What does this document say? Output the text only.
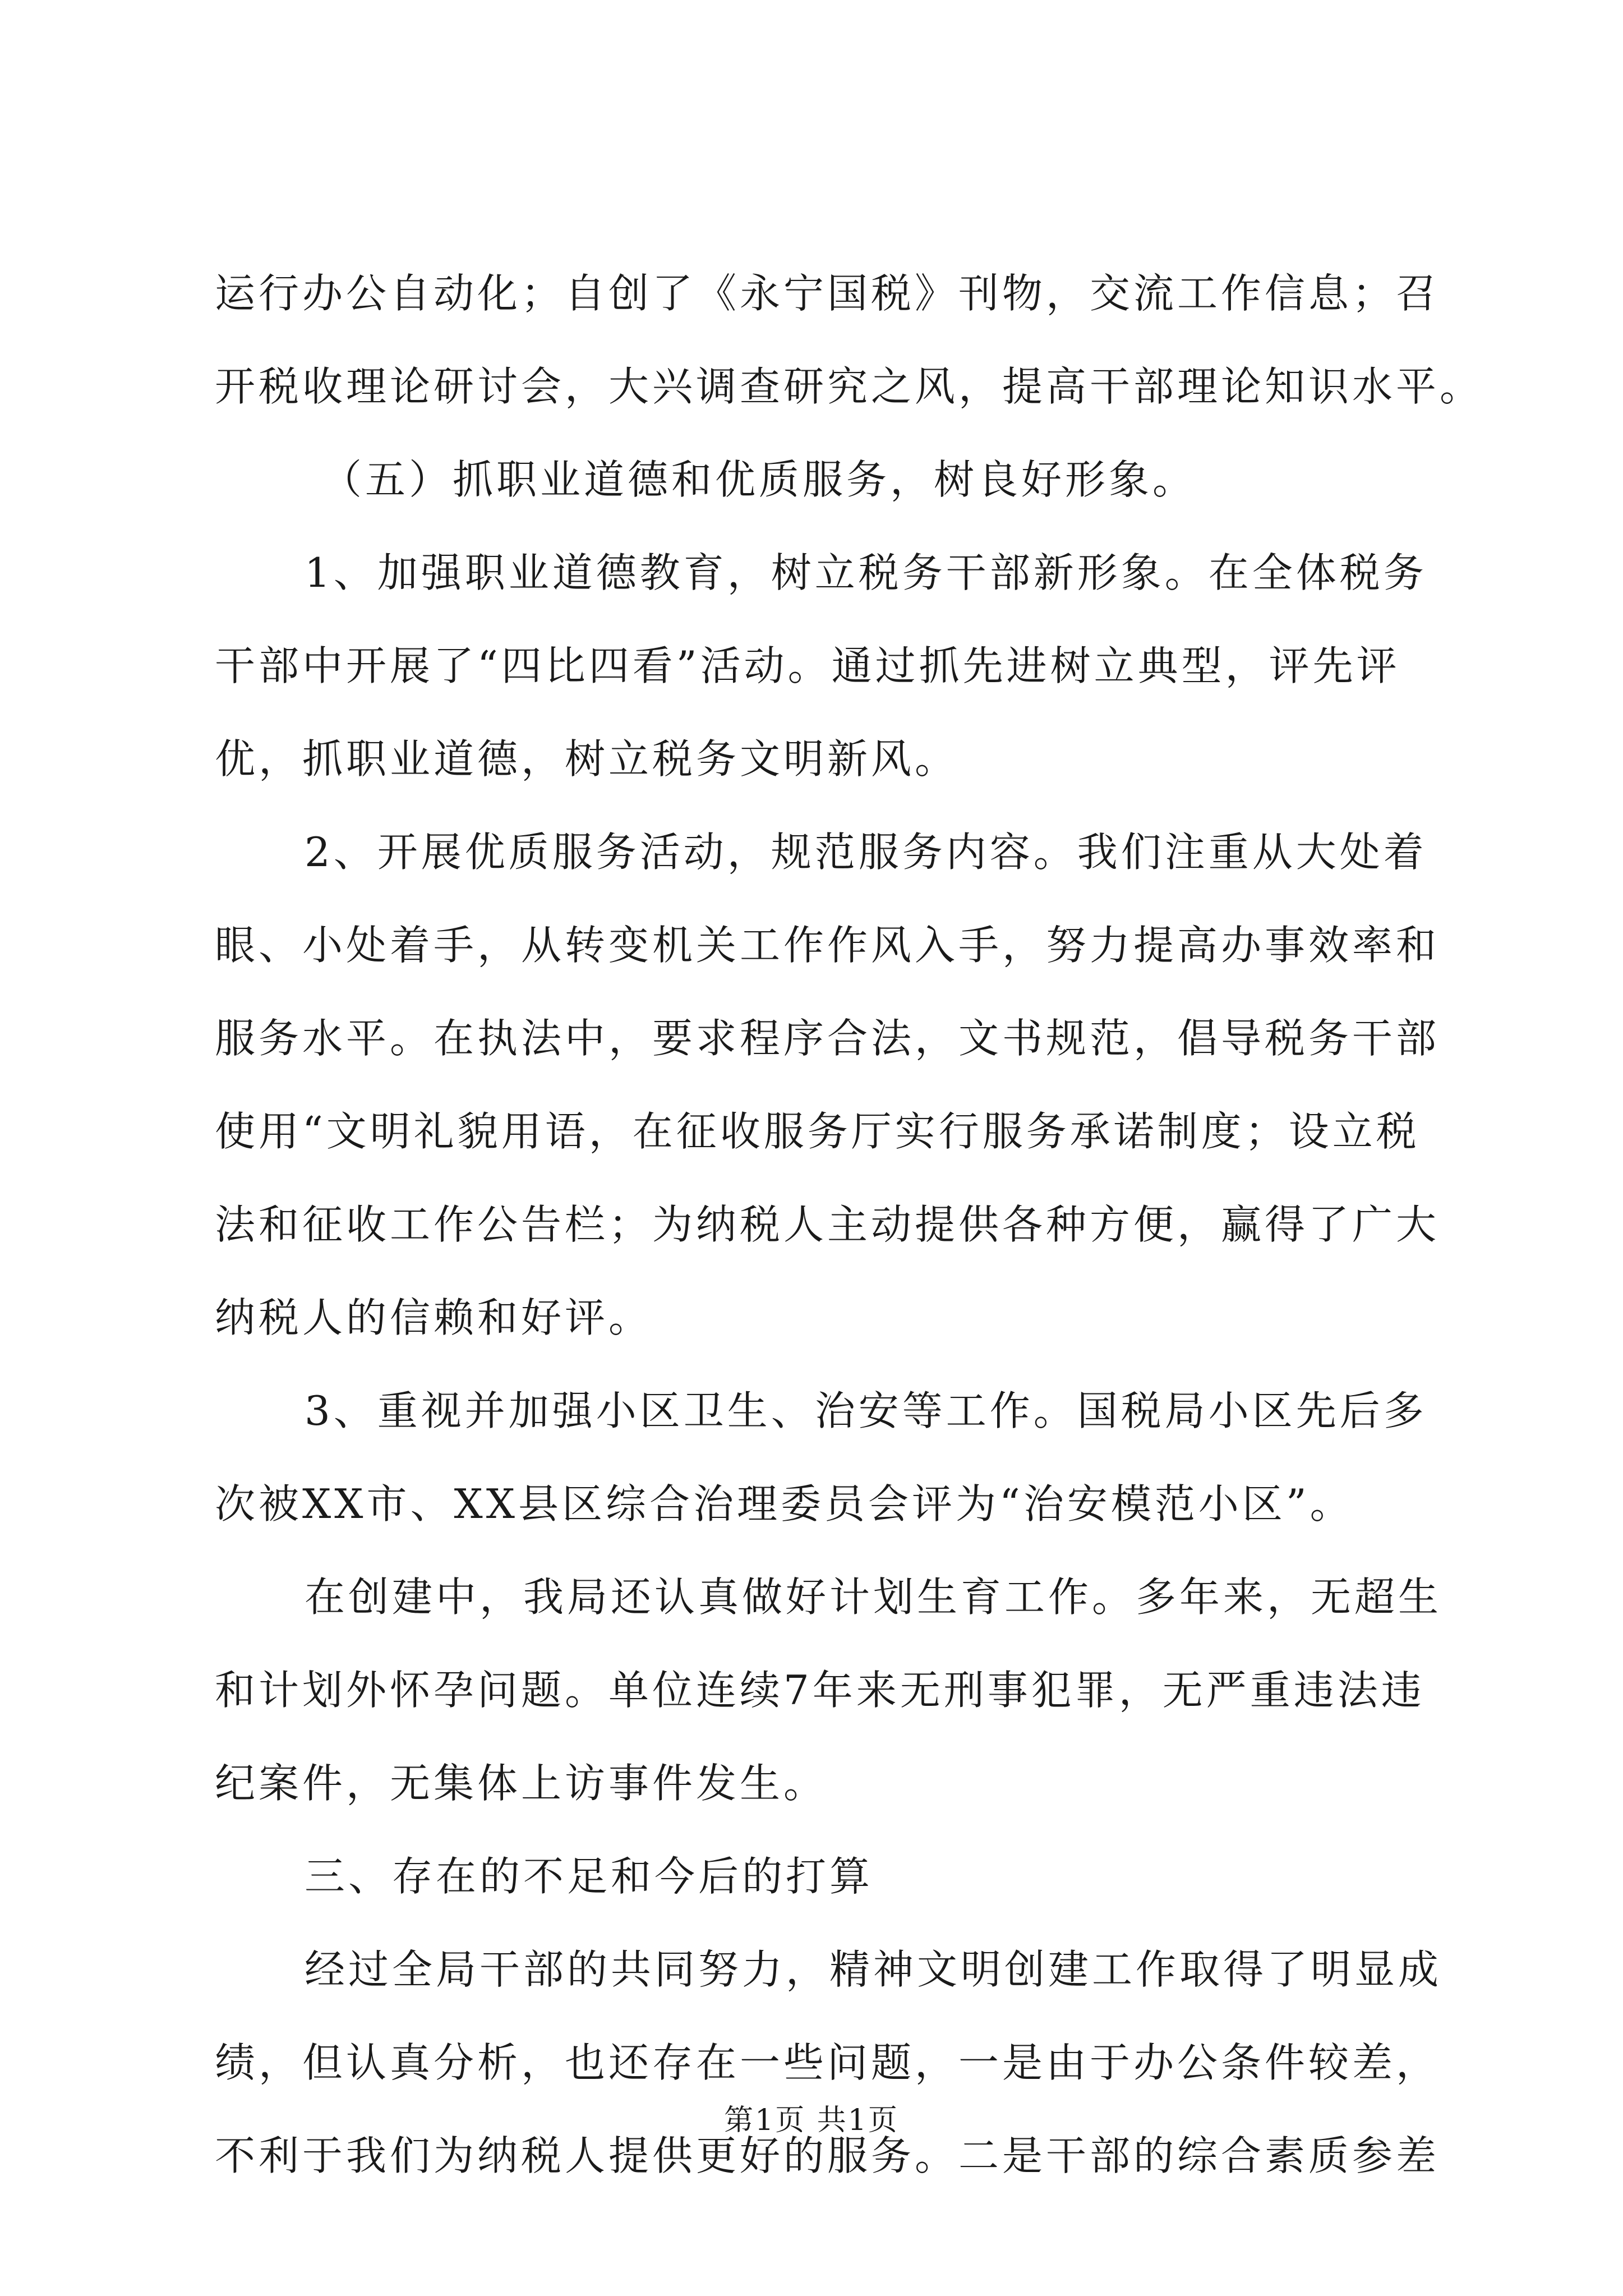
运行办公自动化；自创了《永宁国税》刊物，交流工作信息；召
开税收理论研讨会，大兴调查研究之风，提高干部理论知识水平。
（五）抓职业道德和优质服务，树良好形象。
1、加强职业道德教育，树立税务干部新形象。在全体税务
干部中开展了“四比四看”活动。通过抓先进树立典型，评先评
优，抓职业道德，树立税务文明新风。
2、开展优质服务活动，规范服务内容。我们注重从大处着
眼、小处着手，从转变机关工作作风入手，努力提高办事效率和
服务水平。在执法中，要求程序合法，文书规范，倡导税务干部
使用“文明礼貌用语，在征收服务厅实行服务承诺制度；设立税
法和征收工作公告栏；为纳税人主动提供各种方便，赢得了广大
纳税人的信赖和好评。
3、重视并加强小区卫生、治安等工作。国税局小区先后多
次被XX市、XX县区综合治理委员会评为“治安模范小区”。
在创建中，我局还认真做好计划生育工作。多年来，无超生
和计划外怀孕问题。单位连续7年来无刑事犯罪，无严重违法违
纪案件，无集体上访事件发生。
三、存在的不足和今后的打算
经过全局干部的共同努力，精神文明创建工作取得了明显成
绩，但认真分析，也还存在一些问题，一是由于办公条件较差，
不利于我们为纳税人提供更好的服务。二是干部的综合素质参差
第1页 共1页
